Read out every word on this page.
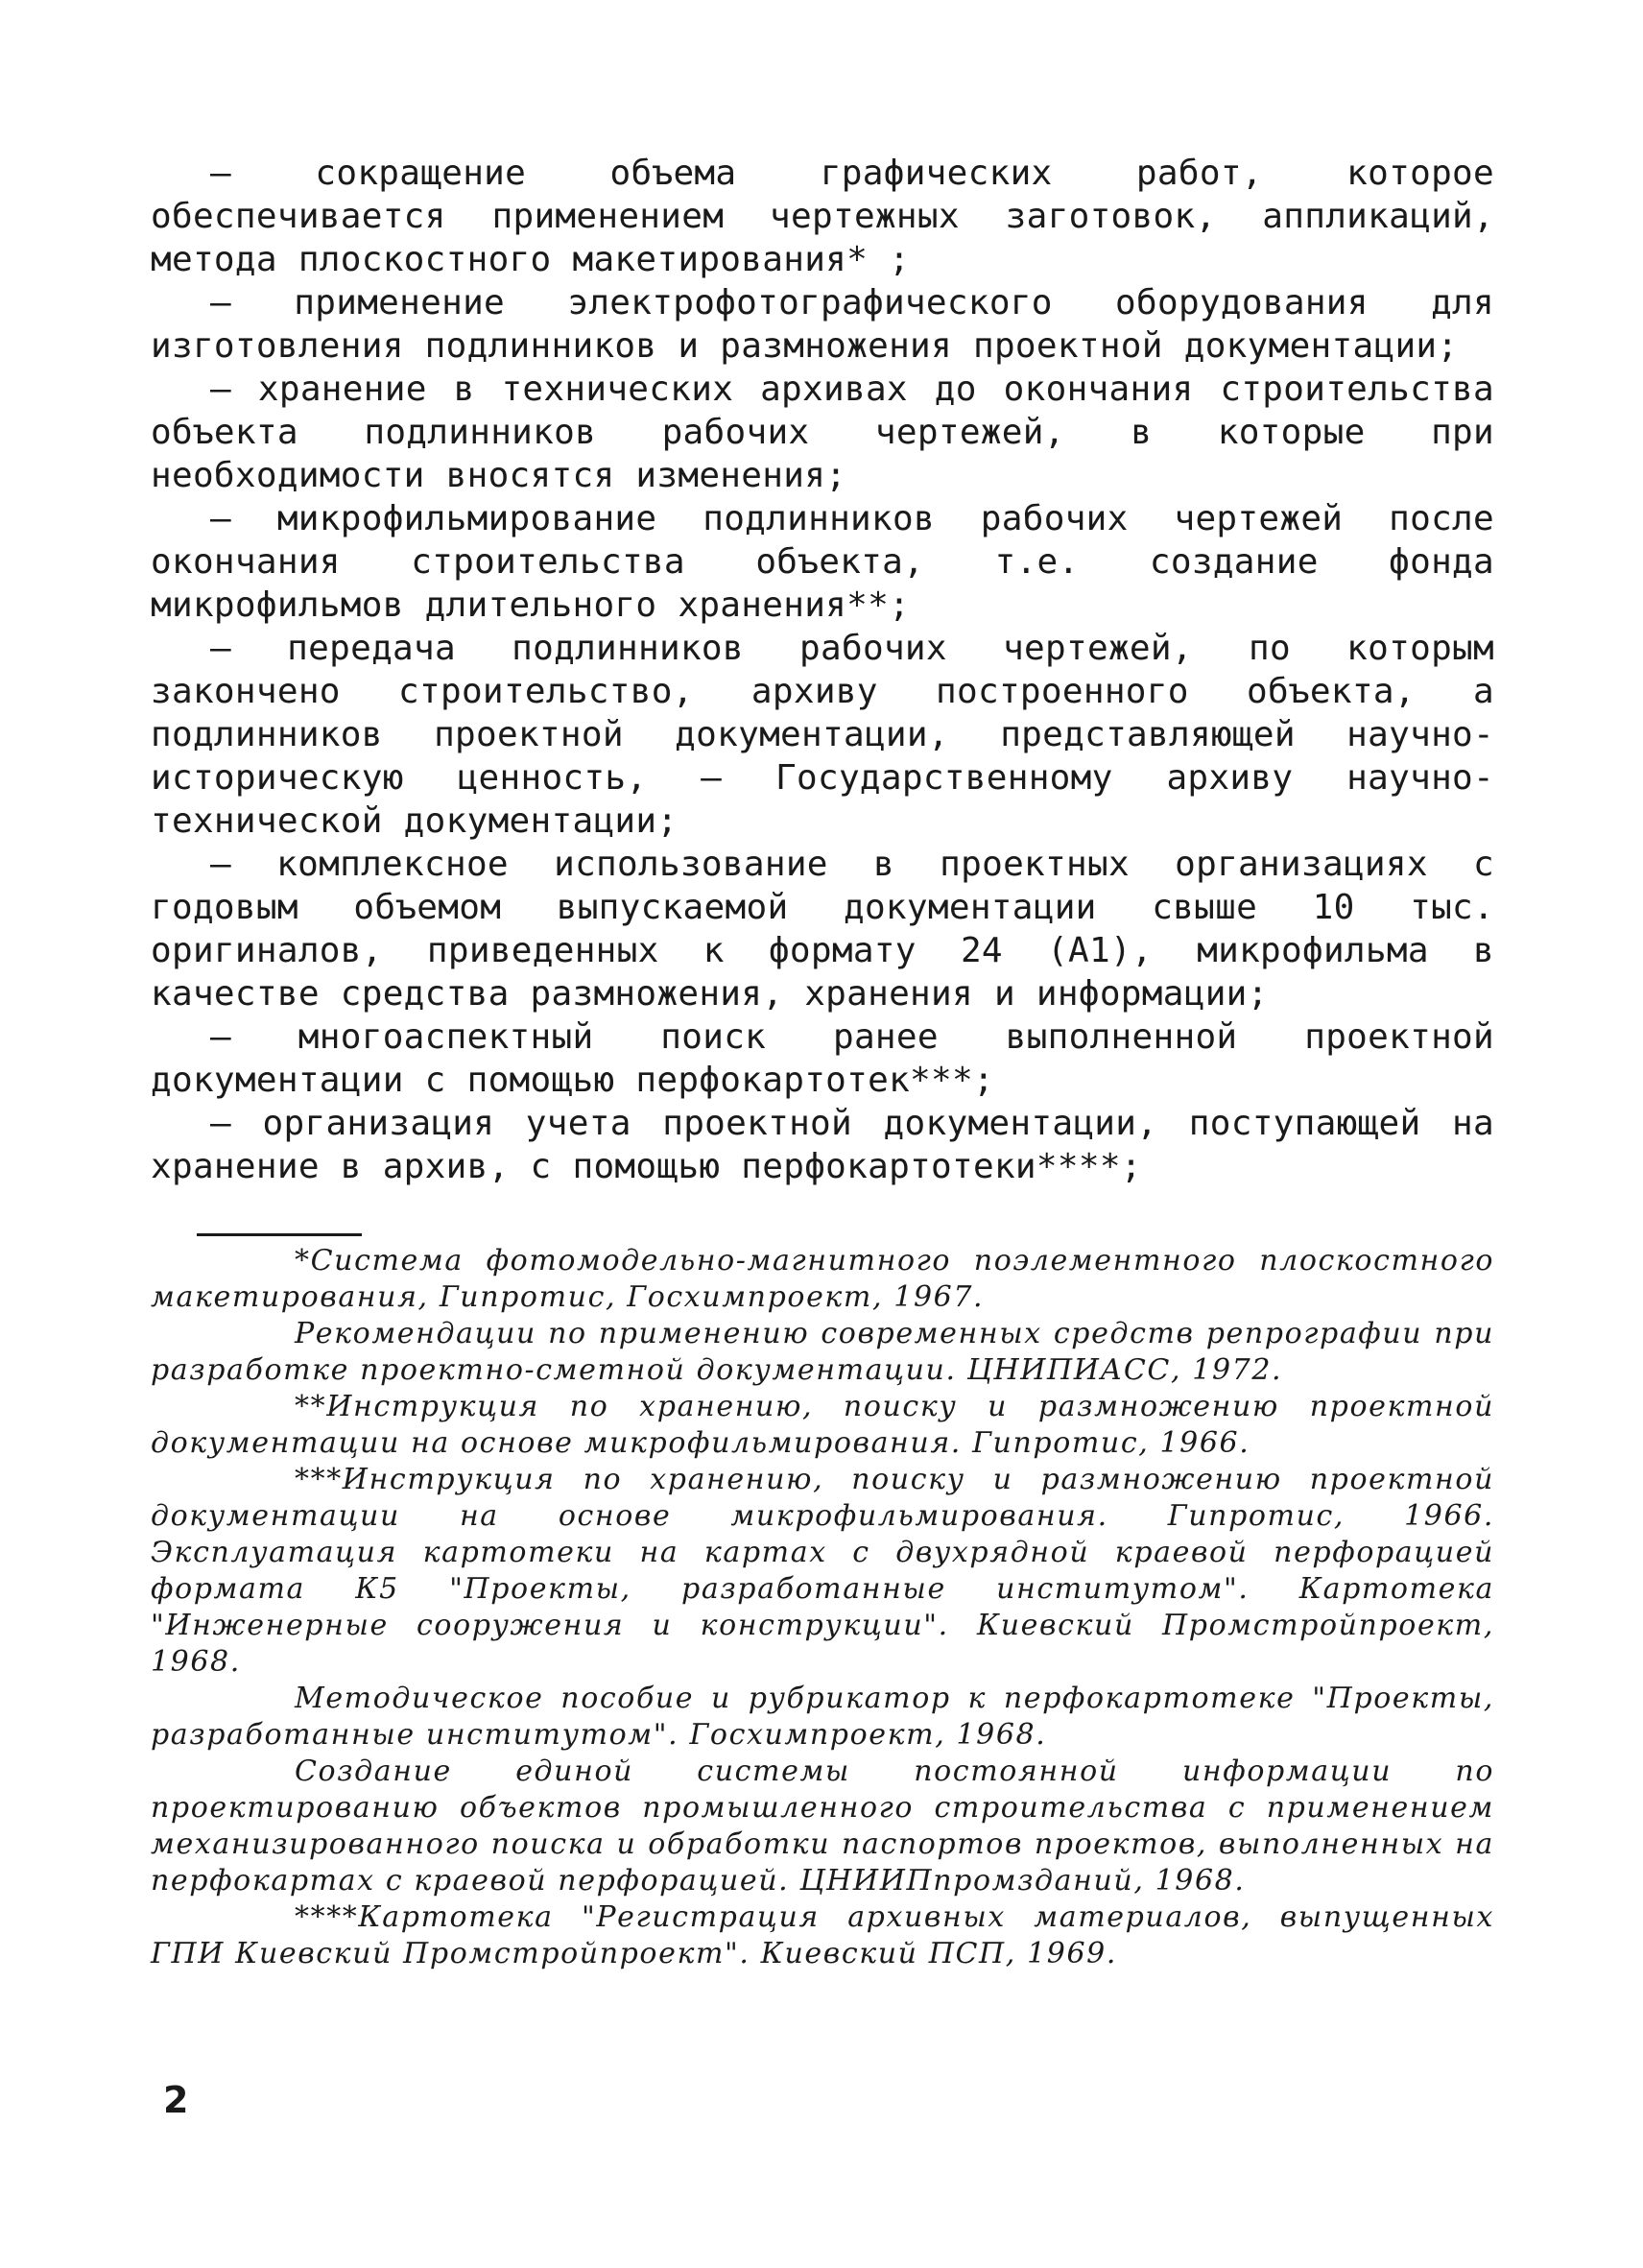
– сокращение объема графических работ, которое обеспечивается применением чертежных заготовок, аппликаций, метода плоскостного макетирования* ;

– применение электрофотографического оборудования для изготовления подлинников и размножения проектной документации;

– хранение в технических архивах до окончания строительства объекта подлинников рабочих чертежей, в которые при необходимости вносятся изменения;

– микрофильмирование подлинников рабочих чертежей после окончания строительства объекта, т.е. создание фонда микрофильмов длительного хранения**;

– передача подлинников рабочих чертежей, по которым закончено строительство, архиву построенного объекта, а подлинников проектной документации, представляющей научно-историческую ценность, – Государственному архиву научно-технической документации;

– комплексное использование в проектных организациях с годовым объемом выпускаемой документации свыше 10 тыс. оригиналов, приведенных к формату 24 (А1), микрофильма в качестве средства размножения, хранения и информации;

– многоаспектный поиск ранее выполненной проектной документации с помощью перфокартотек***;

– организация учета проектной документации, поступающей на хранение в архив, с помощью перфокартотеки****;

*Система фотомодельно-магнитного поэлементного плоскостного макетирования, Гипротис, Госхимпроект, 1967.

Рекомендации по применению современных средств репрографии при разработке проектно-сметной документации. ЦНИПИАСС, 1972.

**Инструкция по хранению, поиску и размножению проектной документации на основе микрофильмирования. Гипротис, 1966.

***Инструкция по хранению, поиску и размножению проектной документации на основе микрофильмирования. Гипротис, 1966. Эксплуатация картотеки на картах с двухрядной краевой перфорацией формата К5 "Проекты, разработанные институтом". Картотека "Инженерные сооружения и конструкции". Киевский Промстройпроект, 1968.

Методическое пособие и рубрикатор к перфокартотеке "Проекты, разработанные институтом". Госхимпроект, 1968.

Создание единой системы постоянной информации по проектированию объектов промышленного строительства с применением механизированного поиска и обработки паспортов проектов, выполненных на перфокартах с краевой перфорацией. ЦНИИПпромзданий, 1968.

****Картотека "Регистрация архивных материалов, выпущенных ГПИ Киевский Промстройпроект". Киевский ПСП, 1969.

2
